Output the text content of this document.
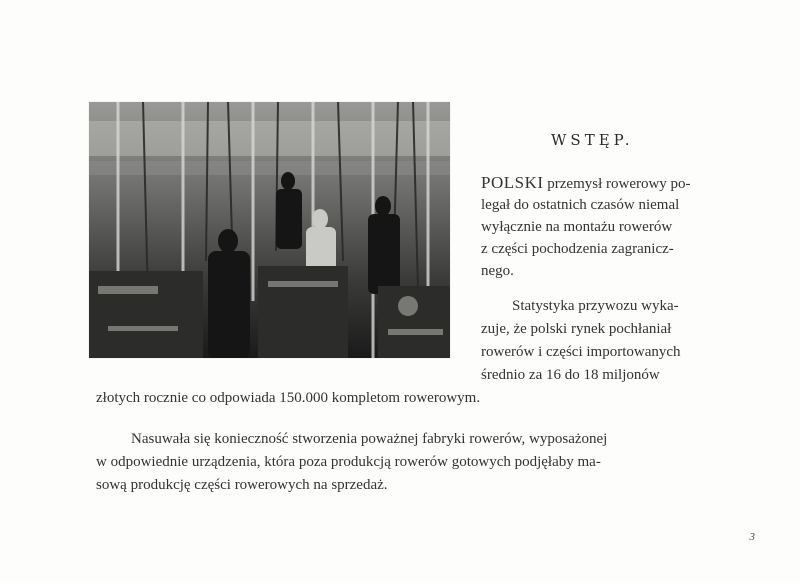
WSTĘP.

POLSKI przemysł rowerowy po-

legał do ostatnich czasów niemal

wyłącznie na montażu rowerów

z części pochodzenia zagranicz-

nego.

Statystyka przywozu wyka-

zuje, że polski rynek pochłaniał

rowerów i części importowanych

średnio za 16 do 18 miljonów

złotych rocznie co odpowiada 150.000 kompletom rowerowym.

Nasuwała się konieczność stworzenia poważnej fabryki rowerów, wyposażonej

w odpowiednie urządzenia, która poza produkcją rowerów gotowych podjęłaby ma-

sową produkcję części rowerowych na sprzedaż.

3
